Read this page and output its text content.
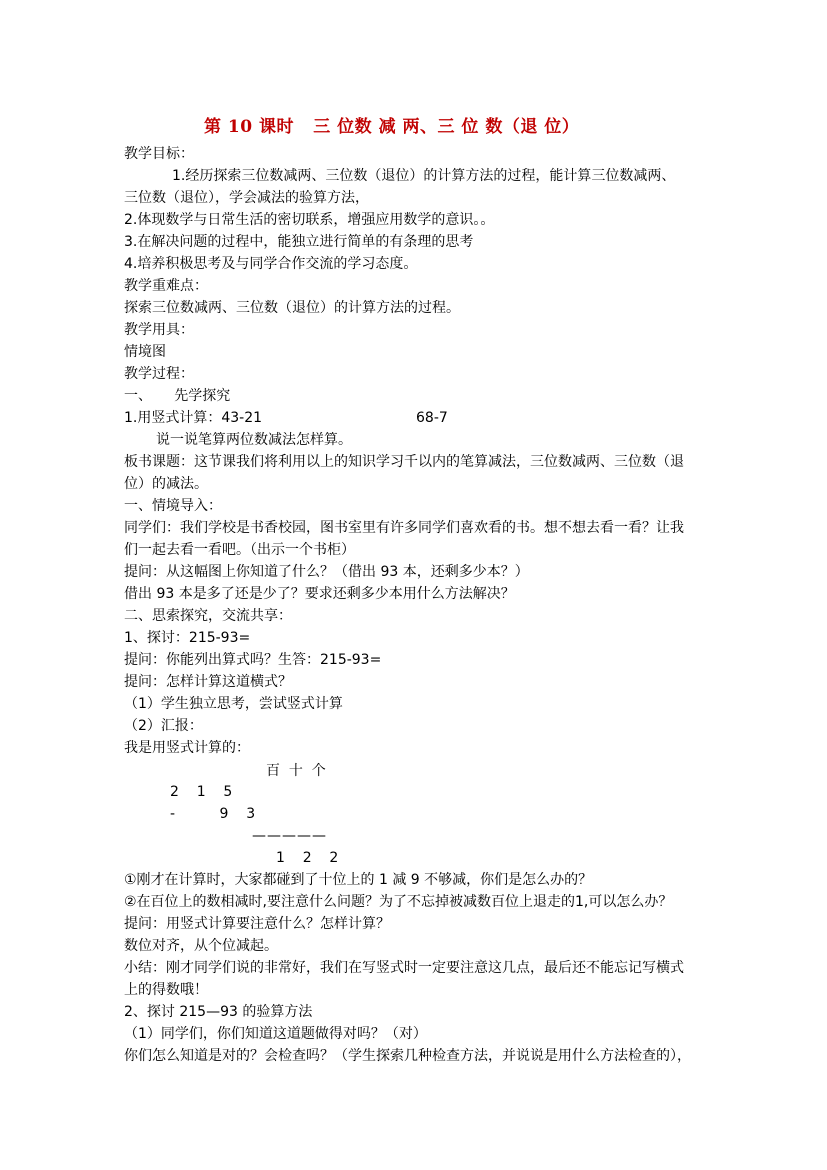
第 10 课时   三 位数 减 两、三 位 数（退 位）
教学目标：
1.经历探索三位数减两、三位数（退位）的计算方法的过程，能计算三位数减两、
三位数（退位），学会减法的验算方法，
2.体现数学与日常生活的密切联系，增强应用数学的意识。。
3.在解决问题的过程中，能独立进行简单的有条理的思考
4.培养积极思考及与同学合作交流的学习态度。
教学重难点：
探索三位数减两、三位数（退位）的计算方法的过程。
教学用具：
情境图
教学过程：
一、     先学探究
1.用竖式计算：43-21	68-7
说一说笔算两位数减法怎样算。
板书课题：这节课我们将利用以上的知识学习千以内的笔算减法，三位数减两、三位数（退
位）的减法。
一、情境导入：
同学们：我们学校是书香校园，图书室里有许多同学们喜欢看的书。想不想去看一看？让我
们一起去看一看吧。（出示一个书柜）
提问：从这幅图上你知道了什么？（借出 93 本，还剩多少本？）
借出 93 本是多了还是少了？要求还剩多少本用什么方法解决？
二、思索探究，交流共享：
1、探讨：215-93=
提问：你能列出算式吗？生答：215-93=
提问：怎样计算这道横式？
（1）学生独立思考，尝试竖式计算
（2）汇报：
我是用竖式计算的：
百  十  个
2    1    5
-          9    3
—————
1    2    2
①刚才在计算时，大家都碰到了十位上的 1 减 9 不够减，你们是怎么办的？
②在百位上的数相减时,要注意什么问题？为了不忘掉被减数百位上退走的1,可以怎么办？
提问：用竖式计算要注意什么？怎样计算？
数位对齐，从个位减起。
小结：刚才同学们说的非常好，我们在写竖式时一定要注意这几点，最后还不能忘记写横式
上的得数哦！
2、探讨 215—93 的验算方法
（1）同学们，你们知道这道题做得对吗？（对）
你们怎么知道是对的？会检查吗？（学生探索几种检查方法，并说说是用什么方法检查的），
